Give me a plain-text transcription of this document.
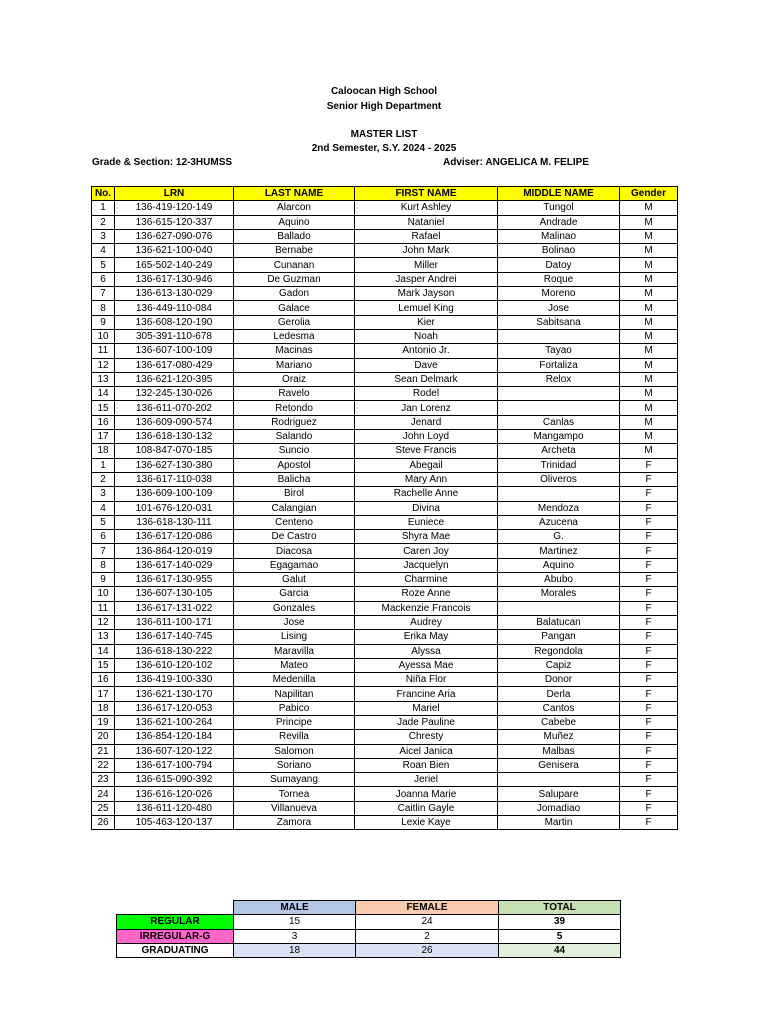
Caloocan High School
Senior High Department
MASTER LIST
2nd Semester, S.Y. 2024 - 2025
Grade & Section: 12-3HUMSS	Adviser: ANGELICA M. FELIPE
No.	LRN	LAST NAME	FIRST NAME	MIDDLE NAME	Gender
1	136-419-120-149	Alarcon	Kurt Ashley	Tungol	M
2	136-615-120-337	Aquino	Nataniel	Andrade	M
3	136-627-090-076	Ballado	Rafael	Malinao	M
4	136-621-100-040	Bernabe	John Mark	Bolinao	M
5	165-502-140-249	Cunanan	Miller	Datoy	M
6	136-617-130-946	De Guzman	Jasper Andrei	Roque	M
7	136-613-130-029	Gadon	Mark Jayson	Moreno	M
8	136-449-110-084	Galace	Lemuel King	Jose	M
9	136-608-120-190	Gerolia	Kier	Sabitsana	M
10	305-391-110-678	Ledesma	Noah		M
11	136-607-100-109	Macinas	Antonio Jr.	Tayao	M
12	136-617-080-429	Mariano	Dave	Fortaliza	M
13	136-621-120-395	Oraiz	Sean Delmark	Relox	M
14	132-245-130-026	Ravelo	Rodel		M
15	136-611-070-202	Retondo	Jan Lorenz		M
16	136-609-090-574	Rodriguez	Jenard	Canlas	M
17	136-618-130-132	Salando	John Loyd	Mangampo	M
18	108-847-070-185	Suncio	Steve Francis	Archeta	M
1	136-627-130-380	Apostol	Abegail	Trinidad	F
2	136-617-110-038	Balicha	Mary Ann	Oliveros	F
3	136-609-100-109	Birol	Rachelle Anne		F
4	101-676-120-031	Calangian	Divina	Mendoza	F
5	136-618-130-111	Centeno	Euniece	Azucena	F
6	136-617-120-086	De Castro	Shyra Mae	G.	F
7	136-864-120-019	Diacosa	Caren Joy	Martinez	F
8	136-617-140-029	Egagamao	Jacquelyn	Aquino	F
9	136-617-130-955	Galut	Charmine	Abubo	F
10	136-607-130-105	Garcia	Roze Anne	Morales	F
11	136-617-131-022	Gonzales	Mackenzie Francois		F
12	136-611-100-171	Jose	Audrey	Balatucan	F
13	136-617-140-745	Lising	Erika May	Pangan	F
14	136-618-130-222	Maravilla	Alyssa	Regondola	F
15	136-610-120-102	Mateo	Ayessa Mae	Capiz	F
16	136-419-100-330	Medenilla	Niña Flor	Donor	F
17	136-621-130-170	Napilitan	Francine Aria	Derla	F
18	136-617-120-053	Pabico	Mariel	Cantos	F
19	136-621-100-264	Principe	Jade Pauline	Cabebe	F
20	136-854-120-184	Revilla	Chresty	Muñez	F
21	136-607-120-122	Salomon	Aicel Janica	Malbas	F
22	136-617-100-794	Soriano	Roan Bien	Genisera	F
23	136-615-090-392	Sumayang	Jeriel		F
24	136-616-120-026	Tornea	Joanna Marie	Salupare	F
25	136-611-120-480	Villanueva	Caitlin Gayle	Jomadiao	F
26	105-463-120-137	Zamora	Lexie Kaye	Martin	F
	MALE	FEMALE	TOTAL
REGULAR	15	24	39
IRREGULAR-G	3	2	5
GRADUATING	18	26	44
